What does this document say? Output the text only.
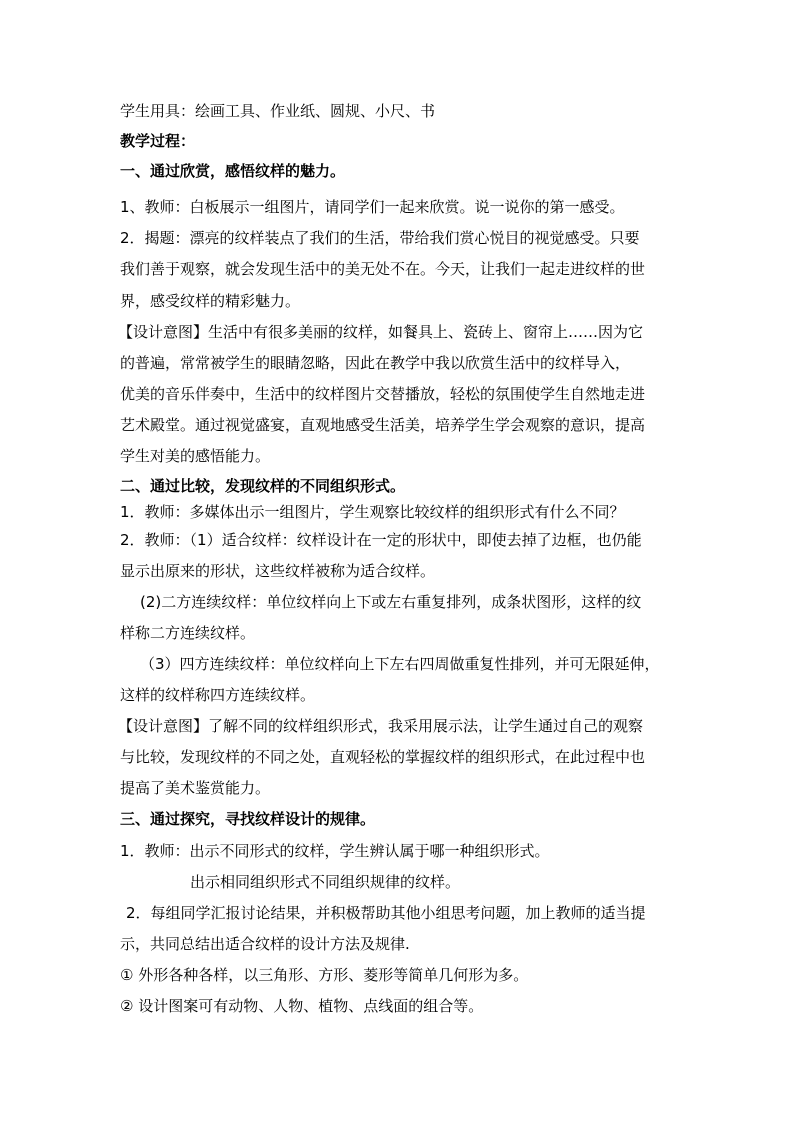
学生用具：绘画工具、作业纸、圆规、小尺、书
教学过程：
一、通过欣赏，感悟纹样的魅力。
1、教师：白板展示一组图片，请同学们一起来欣赏。说一说你的第一感受。
2．揭题：漂亮的纹样装点了我们的生活，带给我们赏心悦目的视觉感受。只要
我们善于观察，就会发现生活中的美无处不在。今天，让我们一起走进纹样的世
界，感受纹样的精彩魅力。
【设计意图】生活中有很多美丽的纹样，如餐具上、瓷砖上、窗帘上……因为它
的普遍，常常被学生的眼睛忽略，因此在教学中我以欣赏生活中的纹样导入，
优美的音乐伴奏中，生活中的纹样图片交替播放，轻松的氛围使学生自然地走进
艺术殿堂。通过视觉盛宴，直观地感受生活美，培养学生学会观察的意识，提高
学生对美的感悟能力。
二、通过比较，发现纹样的不同组织形式。
1．教师：多媒体出示一组图片，学生观察比较纹样的组织形式有什么不同？
2．教师：（1）适合纹样：纹样设计在一定的形状中，即使去掉了边框，也仍能
显示出原来的形状，这些纹样被称为适合纹样。
(2)二方连续纹样：单位纹样向上下或左右重复排列，成条状图形，这样的纹
样称二方连续纹样。
（3）四方连续纹样：单位纹样向上下左右四周做重复性排列，并可无限延伸，
这样的纹样称四方连续纹样。
【设计意图】了解不同的纹样组织形式，我采用展示法，让学生通过自己的观察
与比较，发现纹样的不同之处，直观轻松的掌握纹样的组织形式，在此过程中也
提高了美术鉴赏能力。
三、通过探究，寻找纹样设计的规律。
1．教师：出示不同形式的纹样，学生辨认属于哪一种组织形式。
出示相同组织形式不同组织规律的纹样。
2．每组同学汇报讨论结果，并积极帮助其他小组思考问题，加上教师的适当提
示，共同总结出适合纹样的设计方法及规律.
① 外形各种各样，以三角形、方形、菱形等简单几何形为多。
② 设计图案可有动物、人物、植物、点线面的组合等。
